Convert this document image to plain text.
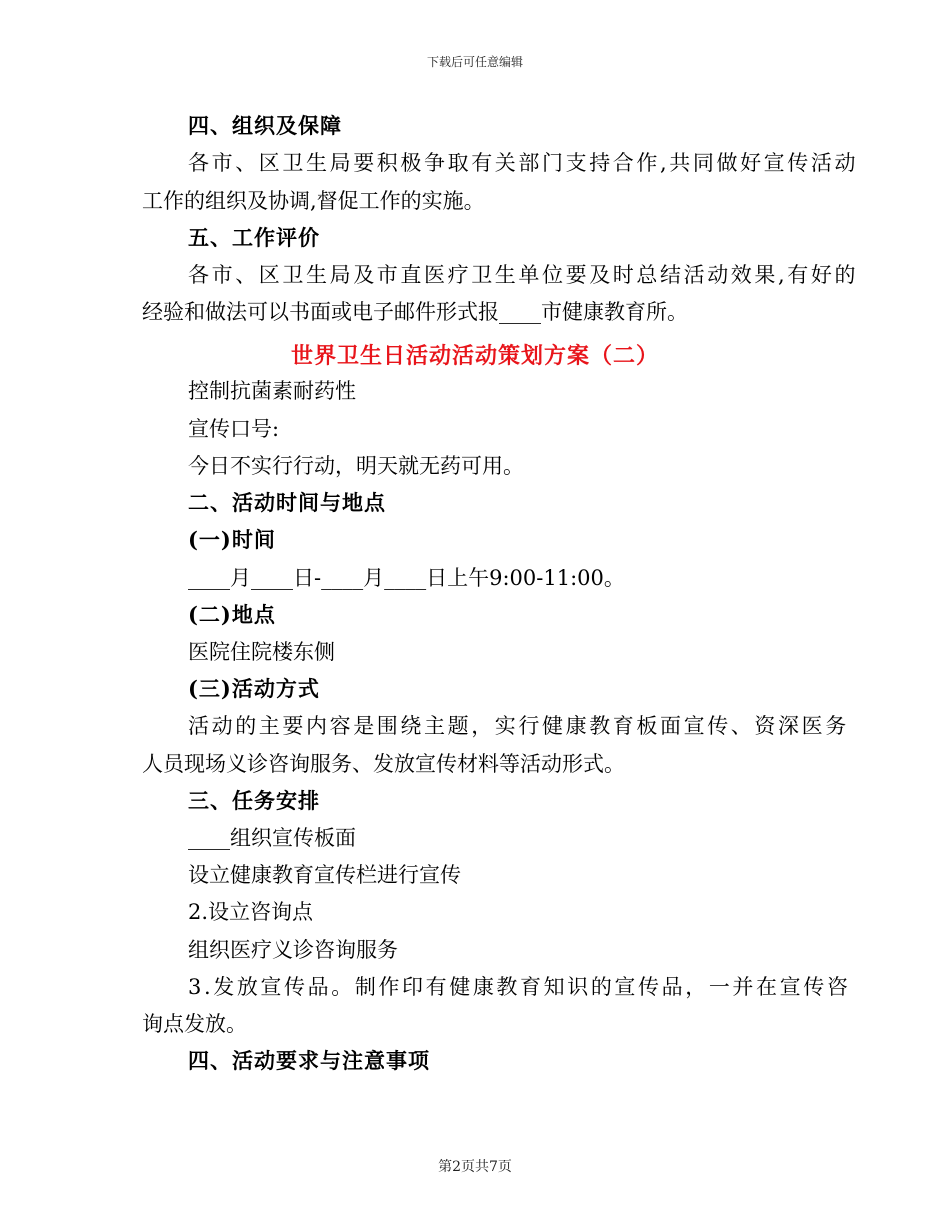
下载后可任意编辑
四、组织及保障
各市、区卫生局要积极争取有关部门支持合作,共同做好宣传活动
工作的组织及协调,督促工作的实施。
五、工作评价
各市、区卫生局及市直医疗卫生单位要及时总结活动效果,有好的
经验和做法可以书面或电子邮件形式报____市健康教育所。
世界卫生日活动活动策划方案（二）
控制抗菌素耐药性
宣传口号:
今日不实行行动，明天就无药可用。
二、活动时间与地点
(一)时间
____月____日-____月____日上午9:00-11:00。
(二)地点
医院住院楼东侧
(三)活动方式
活动的主要内容是围绕主题，实行健康教育板面宣传、资深医务
人员现场义诊咨询服务、发放宣传材料等活动形式。
三、任务安排
____组织宣传板面
设立健康教育宣传栏进行宣传
2.设立咨询点
组织医疗义诊咨询服务
3.发放宣传品。制作印有健康教育知识的宣传品，一并在宣传咨
询点发放。
四、活动要求与注意事项
第2页共7页
